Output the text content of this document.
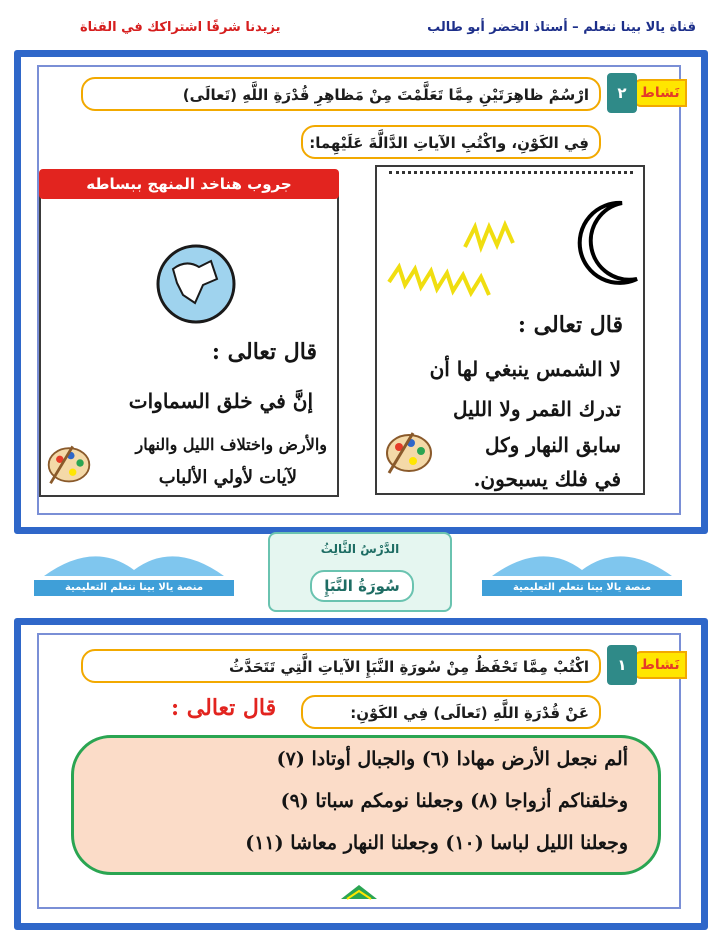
قناة يالا بينا نتعلم – أستاذ الخضر أبو طالب
يزيدنا شرفًا اشتراكك في القناة
نَشاط
٢
ارْسُمْ ظاهِرَتَيْنِ مِمَّا تَعَلَّمْتَ مِنْ مَظاهِرِ قُدْرَةِ اللَّهِ (تَعالَى)
فِي الكَوْنِ، واكْتُبِ الآياتِ الدَّالَّةَ عَلَيْهِما:
قال تعالى :
لا الشمس ينبغي لها أن
تدرك القمر ولا الليل
سابق النهار وكل
في فلك يسبحون.
قال تعالى :
إنَّ في خلق السماوات
والأرض واختلاف الليل والنهار
لآيات لأولي الألباب
جروب هناخد المنهج ببساطه
منصة يالا بينا نتعلم التعليمية
منصة يالا بينا نتعلم التعليمية
الدَّرْسُ الثَّالِثُ
سُورَةُ النَّبَإِ
نَشاط
١
اكْتُبْ مِمَّا تَحْفَظُ مِنْ سُورَةِ النَّبَإِ الآياتِ الَّتِي تَتَحَدَّثُ
عَنْ قُدْرَةِ اللَّهِ (تَعالَى) فِي الكَوْنِ:
قال تعالى :
ألم نجعل الأرض مهادا (٦) والجبال أوتادا (٧)
وخلقناكم أزواجا (٨) وجعلنا نومكم سباتا (٩)
وجعلنا الليل لباسا (١٠) وجعلنا النهار معاشا (١١)
